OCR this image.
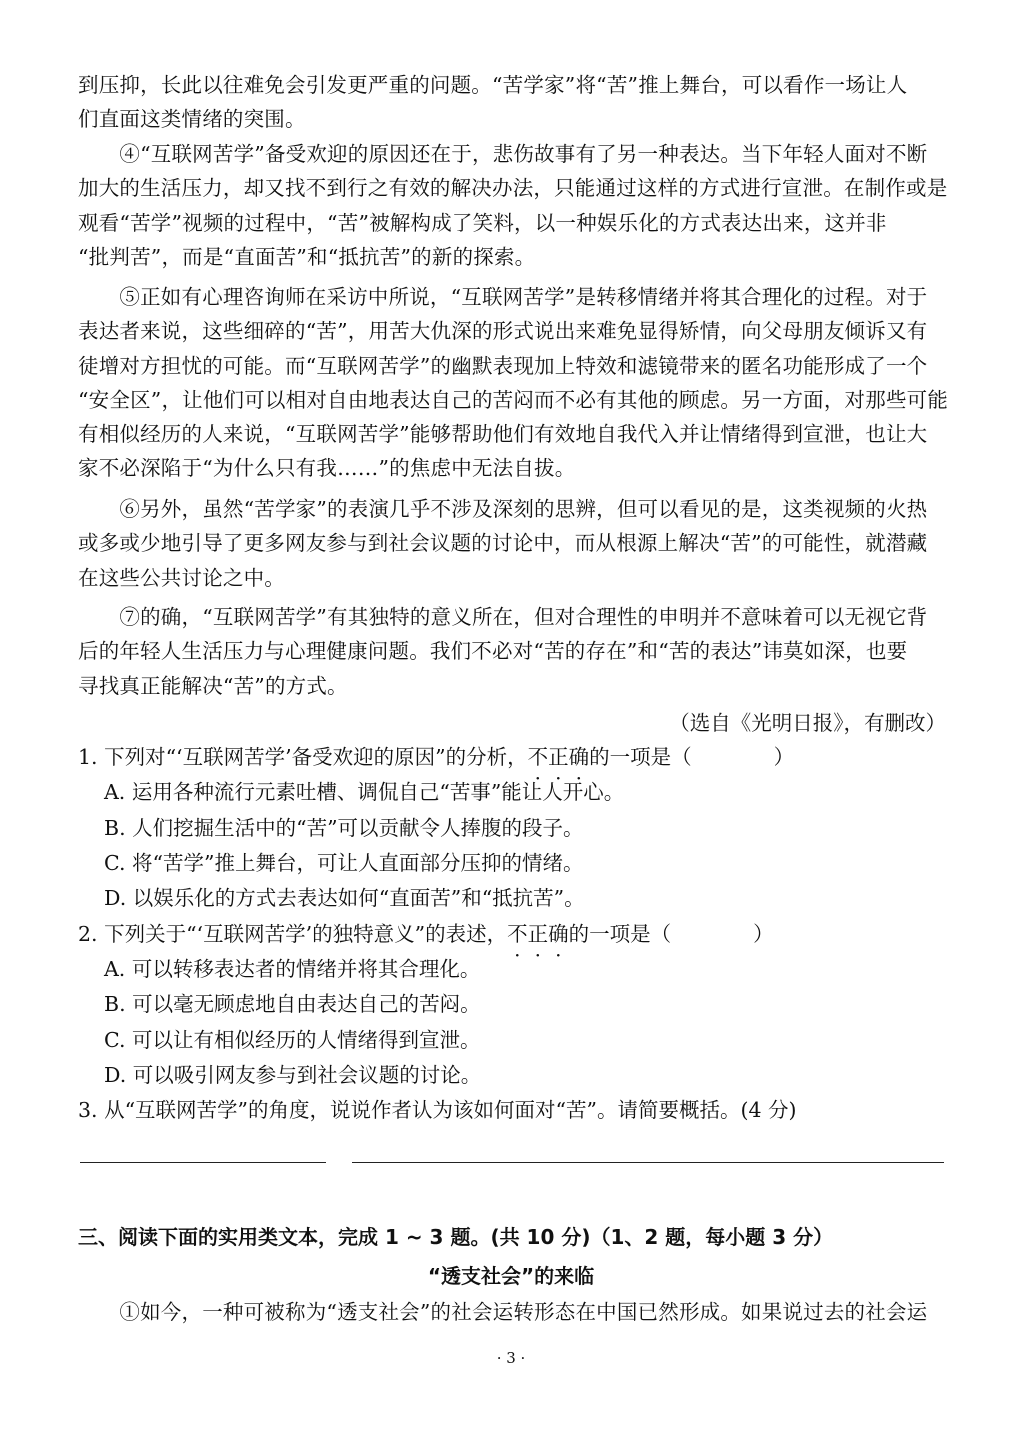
到压抑，长此以往难免会引发更严重的问题。“苦学家”将“苦”推上舞台，可以看作一场让人
们直面这类情绪的突围。
　　④“互联网苦学”备受欢迎的原因还在于，悲伤故事有了另一种表达。当下年轻人面对不断
加大的生活压力，却又找不到行之有效的解决办法，只能通过这样的方式进行宣泄。在制作或是
观看“苦学”视频的过程中，“苦”被解构成了笑料，以一种娱乐化的方式表达出来，这并非
“批判苦”，而是“直面苦”和“抵抗苦”的新的探索。
　　⑤正如有心理咨询师在采访中所说，“互联网苦学”是转移情绪并将其合理化的过程。对于
表达者来说，这些细碎的“苦”，用苦大仇深的形式说出来难免显得矫情，向父母朋友倾诉又有
徒增对方担忧的可能。而“互联网苦学”的幽默表现加上特效和滤镜带来的匿名功能形成了一个
“安全区”，让他们可以相对自由地表达自己的苦闷而不必有其他的顾虑。另一方面，对那些可能
有相似经历的人来说，“互联网苦学”能够帮助他们有效地自我代入并让情绪得到宣泄，也让大
家不必深陷于“为什么只有我……”的焦虑中无法自拔。
　　⑥另外，虽然“苦学家”的表演几乎不涉及深刻的思辨，但可以看见的是，这类视频的火热
或多或少地引导了更多网友参与到社会议题的讨论中，而从根源上解决“苦”的可能性，就潜藏
在这些公共讨论之中。
　　⑦的确，“互联网苦学”有其独特的意义所在，但对合理性的申明并不意味着可以无视它背
后的年轻人生活压力与心理健康问题。我们不必对“苦的存在”和“苦的表达”讳莫如深，也要
寻找真正能解决“苦”的方式。
（选自《光明日报》，有删改）
1. 下列对“‘互联网苦学’备受欢迎的原因”的分析，不正确的一项是（　　　　）
A. 运用各种流行元素吐槽、调侃自己“苦事”能让人开心。
B. 人们挖掘生活中的“苦”可以贡献令人捧腹的段子。
C. 将“苦学”推上舞台，可让人直面部分压抑的情绪。
D. 以娱乐化的方式去表达如何“直面苦”和“抵抗苦”。
2. 下列关于“‘互联网苦学’的独特意义”的表述，不正确的一项是（　　　　）
A. 可以转移表达者的情绪并将其合理化。
B. 可以毫无顾虑地自由表达自己的苦闷。
C. 可以让有相似经历的人情绪得到宣泄。
D. 可以吸引网友参与到社会议题的讨论。
3. 从“互联网苦学”的角度，说说作者认为该如何面对“苦”。请简要概括。(4 分)
三、阅读下面的实用类文本，完成 1 ~ 3 题。(共 10 分)（1、2 题，每小题 3 分）
“透支社会”的来临
　　①如今，一种可被称为“透支社会”的社会运转形态在中国已然形成。如果说过去的社会运
· 3 ·
